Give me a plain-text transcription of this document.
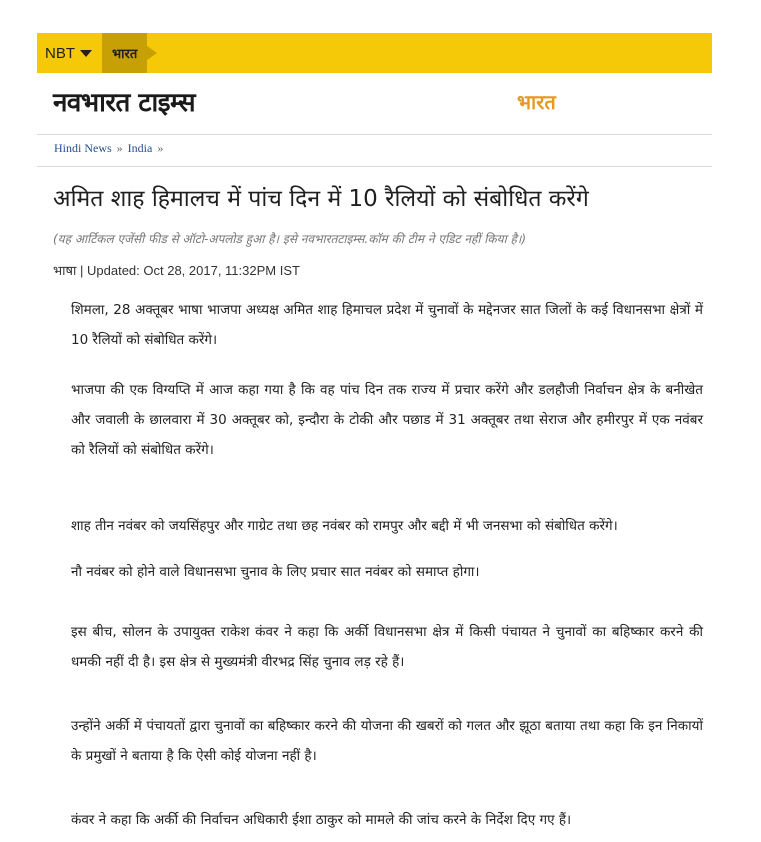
NBT	भारत
नवभारत टाइम्स	भारत
Hindi News » India »
अमित शाह हिमालच में पांच दिन में 10 रैलियों को संबोधित करेंगे
(यह आर्टिकल एजेंसी फीड से ऑटो-अपलोड हुआ है। इसे नवभारतटाइम्स.कॉम की टीम ने एडिट नहीं किया है।)
भाषा | Updated: Oct 28, 2017, 11:32PM IST

शिमला, 28 अक्तूबर भाषा भाजपा अध्यक्ष अमित शाह हिमाचल प्रदेश में चुनावों के मद्देनजर सात जिलों के कई विधानसभा क्षेत्रों में 10 रैलियों को संबोधित करेंगे।

भाजपा की एक विग्यप्ति में आज कहा गया है कि वह पांच दिन तक राज्य में प्रचार करेंगे और डलहौजी निर्वाचन क्षेत्र के बनीखेत और जवाली के छालवारा में 30 अक्तूबर को, इन्दौरा के टोकी और पछाड में 31 अक्तूबर तथा सेराज और हमीरपुर में एक नवंबर को रैलियों को संबोधित करेंगे।

शाह तीन नवंबर को जयसिंहपुर और गाग्रेट तथा छह नवंबर को रामपुर और बद्दी में भी जनसभा को संबोधित करेंगे।

नौ नवंबर को होने वाले विधानसभा चुनाव के लिए प्रचार सात नवंबर को समाप्त होगा।

इस बीच, सोलन के उपायुक्त राकेश कंवर ने कहा कि अर्की विधानसभा क्षेत्र में किसी पंचायत ने चुनावों का बहिष्कार करने की धमकी नहीं दी है। इस क्षेत्र से मुख्यमंत्री वीरभद्र सिंह चुनाव लड़ रहे हैं।

उन्होंने अर्की में पंचायतों द्वारा चुनावों का बहिष्कार करने की योजना की खबरों को गलत और झूठा बताया तथा कहा कि इन निकायों के प्रमुखों ने बताया है कि ऐसी कोई योजना नहीं है।

कंवर ने कहा कि अर्की की निर्वाचन अधिकारी ईशा ठाकुर को मामले की जांच करने के निर्देश दिए गए हैं।
